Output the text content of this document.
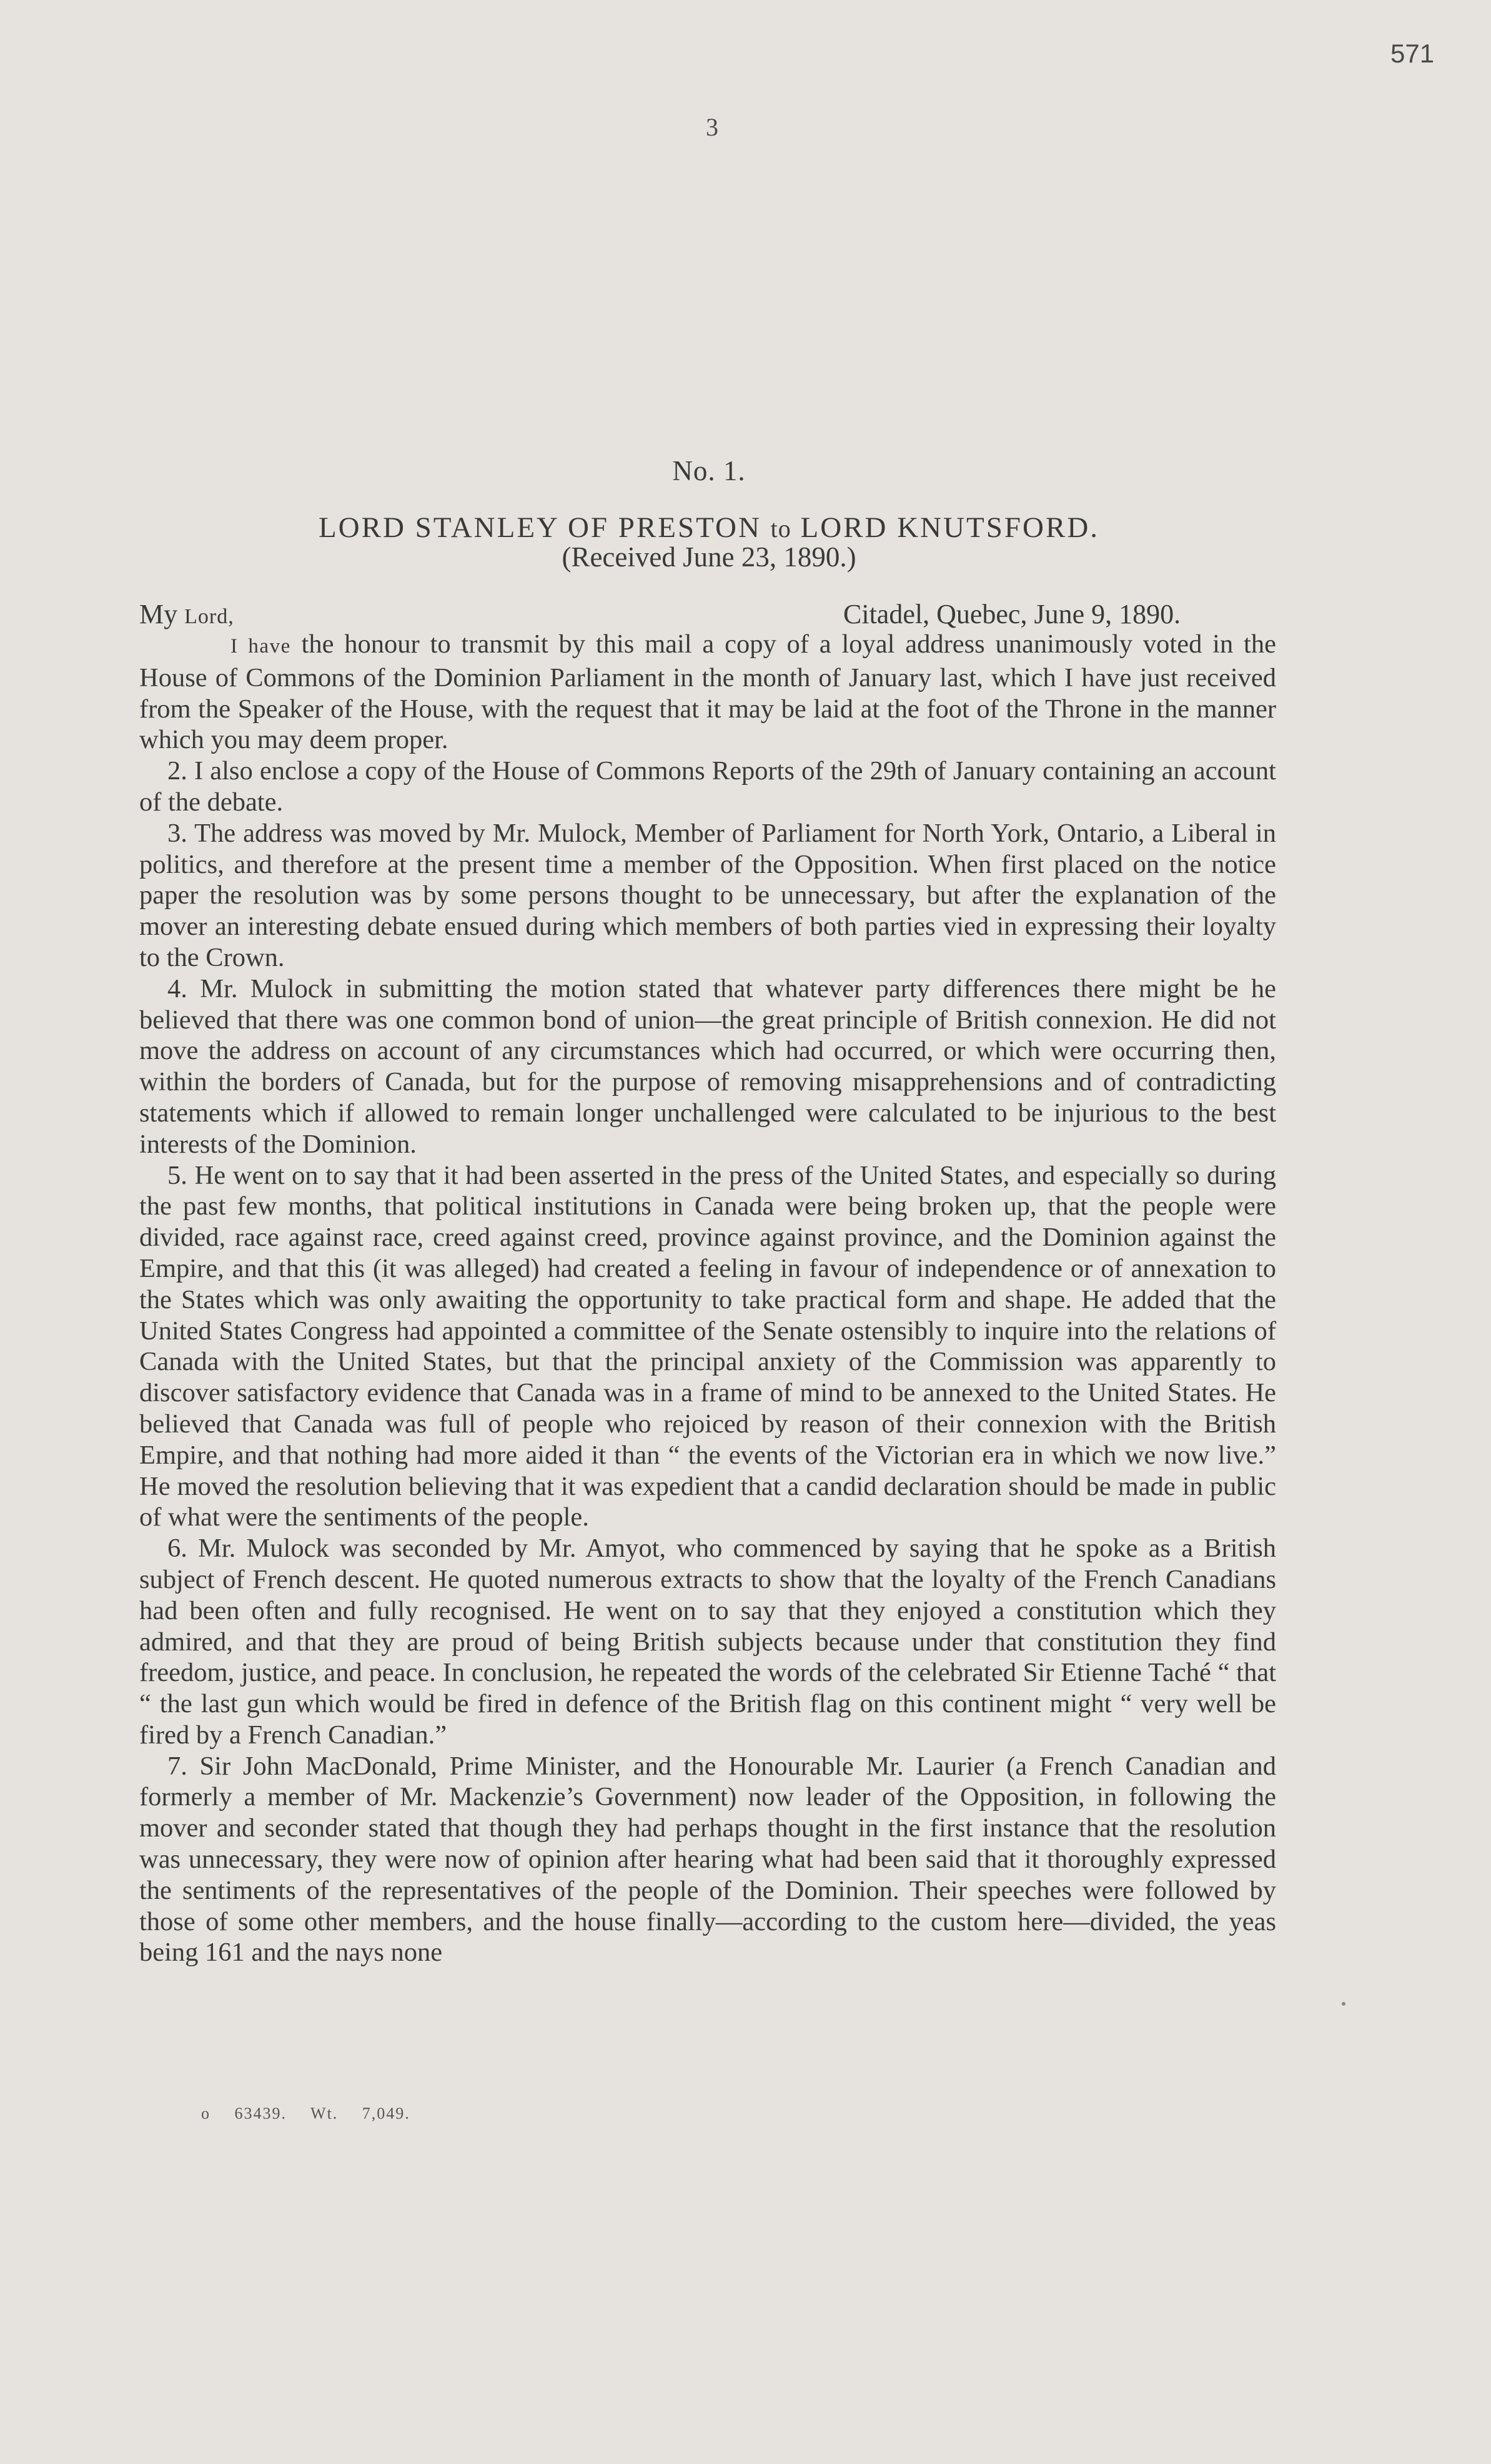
571
3
No. 1.
LORD STANLEY OF PRESTON to LORD KNUTSFORD.
(Received June 23, 1890.)
My Lord,	Citadel, Quebec, June 9, 1890.

I have the honour to transmit by this mail a copy of a loyal address unanimously voted in the House of Commons of the Dominion Parliament in the month of January last, which I have just received from the Speaker of the House, with the request that it may be laid at the foot of the Throne in the manner which you may deem proper.

2. I also enclose a copy of the House of Commons Reports of the 29th of January containing an account of the debate.

3. The address was moved by Mr. Mulock, Member of Parliament for North York, Ontario, a Liberal in politics, and therefore at the present time a member of the Opposition. When first placed on the notice paper the resolution was by some persons thought to be unnecessary, but after the explanation of the mover an interesting debate ensued during which members of both parties vied in expressing their loyalty to the Crown.

4. Mr. Mulock in submitting the motion stated that whatever party differences there might be he believed that there was one common bond of union—the great principle of British connexion. He did not move the address on account of any circumstances which had occurred, or which were occurring then, within the borders of Canada, but for the purpose of removing misapprehensions and of contradicting statements which if allowed to remain longer unchallenged were calculated to be injurious to the best interests of the Dominion.

5. He went on to say that it had been asserted in the press of the United States, and especially so during the past few months, that political institutions in Canada were being broken up, that the people were divided, race against race, creed against creed, province against province, and the Dominion against the Empire, and that this (it was alleged) had created a feeling in favour of independence or of annexation to the States which was only awaiting the opportunity to take practical form and shape. He added that the United States Congress had appointed a committee of the Senate ostensibly to inquire into the relations of Canada with the United States, but that the principal anxiety of the Commission was apparently to discover satisfactory evidence that Canada was in a frame of mind to be annexed to the United States. He believed that Canada was full of people who rejoiced by reason of their connexion with the British Empire, and that nothing had more aided it than “ the events of the Victorian era in which we now live.” He moved the resolution believing that it was expedient that a candid declaration should be made in public of what were the sentiments of the people.

6. Mr. Mulock was seconded by Mr. Amyot, who commenced by saying that he spoke as a British subject of French descent. He quoted numerous extracts to show that the loyalty of the French Canadians had been often and fully recognised. He went on to say that they enjoyed a constitution which they admired, and that they are proud of being British subjects because under that constitution they find freedom, justice, and peace. In conclusion, he repeated the words of the celebrated Sir Etienne Taché “ that “ the last gun which would be fired in defence of the British flag on this continent might “ very well be fired by a French Canadian.”

7. Sir John MacDonald, Prime Minister, and the Honourable Mr. Laurier (a French Canadian and formerly a member of Mr. Mackenzie’s Government) now leader of the Opposition, in following the mover and seconder stated that though they had perhaps thought in the first instance that the resolution was unnecessary, they were now of opinion after hearing what had been said that it thoroughly expressed the sentiments of the representatives of the people of the Dominion. Their speeches were followed by those of some other members, and the house finally—according to the custom here—divided, the yeas being 161 and the nays none

o 63439. Wt. 7,049.
